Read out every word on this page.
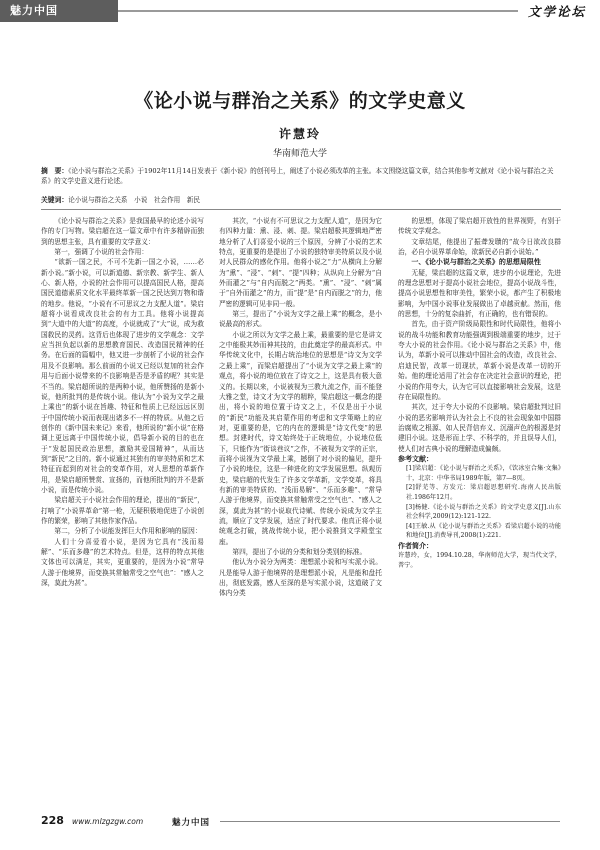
魅力中国	文学论坛
《论小说与群治之关系》的文学史意义
许慧玲
华南师范大学
摘　要：《论小说与群治之关系》于1902年11月14日发表于《新小说》的创刊号上，阐述了小说必须改革的主张。本文围绕这篇文章，结合其他参考文献对《论小说与群治之关系》的文学史意义进行论述。
关键词：论小说与群治之关系　小说　社会作用　新民

《论小说与群治之关系》是我国最早的论述小说写作的专门写物。梁启超在这一篇文章中有许多精辟而独到的思想主张，具有重要的文学意义：

第一，强调了小说的社会作用：

“欲新一国之民，不可不先新一国之小说，……必新小说。”新小说，可以新道德、新宗教、新学生、新人心、新人格，小说的社会作用可以提高国民人格，提高国民道德素质文化水平最终革新一国之民达到万物和谐的地步。他说，“小说有不可思议之力支配人道”。梁启超将小说看成改良社会的有力工具。他将小说提高到“大道中的大道”的高度，小说就成了“大”说，成为救国救民的灵药。这背后也体现了进步的文学观念：文学应当担负起以新的思想教育国民、改造国民精神的任务。在后面的篇幅中，他又进一步剖析了小说的社会作用及不良影响。那么前面的小说又已经以复加的社会作用与后面小说带来的不良影响是否是矛盾的呢？其实是不当的。梁启超所说的是两种小说，他所赞扬的是新小说，他所批判的是传统小说。他认为“小说为文学之最上乘也”的新小说在旨趣、特征和性质上已经远远区别于中国传统小说而表现出诸多不一样的特质。从他之后创作的《新中国未来记》来看，他所说的“新小说”在格调上更远离于中国传统小说，倡导新小说的目的也在于“发起国民政治思想，激励其爱国精神”，从而达到“新民”之目的。新小说通过其独有的审美特质和艺术特征而起到的对社会的变革作用，对人思想的革新作用，是梁启超所赞赏、宣扬的，而他所批判的并不是新小说，而是传统小说。

梁启超关于小说社会作用的理论，提出的“新民”，打响了“小说界革命”第一枪，无疑积极地促进了小说创作的繁荣，影响了其他作家作品。

第二，分析了小说能发挥巨大作用和影响的原因：

人们十分喜爱看小说，是因为它具有“浅而易解”、“乐而多趣”的艺术特点。但是，这样的特点其他文体也可以满足，其实，更重要的，是因为小说“常导人游于他境界，而变换其常触常受之空气也”：“感人之深，莫此为甚”。

其次，“小说有不可思议之力支配人道”，是因为它有四种力量：熏、浸、刺、提。梁启超极其逻辑地严密地分析了人们喜爱小说的三个原因，分辨了小说的艺术特点，更重要的是提出了小说的独特审美特质以及小说对人民群众的感化作用。他将小说之“力”从横向上分解为“熏”、“浸”、“刺”、“提”四种；从纵向上分解为“自外而灌之”与“自内而脱之”两类。“熏”、“浸”、“刺”属于“自外而灌之”的力，而“提”是“自内而脱之”的力，他严密的逻辑可见非同一般。

第三，提出了“小说为文学之最上乘”的概念，是小说最高的形式。

小说之所以为文学之最上乘，最重要的是它是讲文之中能极其妙而神其技的，由此奠定学的最高形式。中华传统文化中，长期占统治地位的思想是“诗文为文学之最上乘”，而梁启超提出了“小说为文学之最上乘”的观点，将小说的地位放在了诗文之上，这是具有极大意义的。长期以来，小说被视为三教九流之作，而不能登大雅之堂，诗文才为文学的精粹，梁启超这一概念的提出，将小说的地位置于诗文之上，不仅是出于小说的“新民”功能及其启蒙作用的考虑和文学策略上的应对，更重要的是，它的内在的逻辑是“诗文代变”的思想。封建时代，诗文始终处于正统地位，小说地位低下，只能作为“街谈巷议”之作，不被视为文学的正宗，而将小说视为文学最上乘，撼倒了对小说的偏见，提升了小说的地位，这是一种进化的文学发展思想。纵观历史，梁启超的代发生了许多文学革新，文学变革，将具有新的审美特质的、“浅而易解”、“乐而多趣”、“常导人游于他境界，而变换其常触常受之空气也”、“感人之深，莫此为甚”的小说取代诗赋、传统小说成为文学主流，顺应了文学发展，适应了时代要求。他真正将小说统观念打破，挑战传统小说，把小说推到文学殿堂宝座。

第四，提出了小说的分类和划分类别的标准。

他认为小说分为两类：理想派小说和写实派小说。凡是能导人游于他境界的是理想派小说，凡是能和盘托出，彻底发露，感人至深的是写实派小说，这道破了文体内分类

的思想，体现了梁启超开放性的世界视野，有别于传统文学观念。

文章结尾，他提出了振聋发聩的“故今日欲改良群治，必自小说界革命始，欲新民必自新小说始。”

一、《论小说与群治之关系》的思想局限性

无疑，梁启超的这篇文章，进步的小说理论，先进的理念思想对于提高小说社会地位，提高小说战斗性，提高小说思想性和审美性，繁荣小说，都产生了积极地影响，为中国小说事业发展做出了卓越贡献。然而，他的思想，十分的复杂曲折，有正确的，也有错误的。

首先，由于资产阶级局限性和时代局限性，他将小说的战斗功能和教育功能强调到极端重要的地步，过于夸大小说的社会作用。《论小说与群治之关系》中，他认为，革新小说可以推动中国社会的改造，改良社会、启迪民智，改革一切现状，革新小说是改革一切的开始。他的理论适用了社会存在决定社会意识的理论，把小说的作用夸大，认为它可以直接影响社会发展，这是存在局限性的。

其次，过于夸大小说的不良影响。梁启超批判过旧小说的恶劣影响并认为社会上不良的社会现象如中国群治腐败之根源、如人民背信弃义、沉溺声色的根源是封建旧小说。这是形而上学、不科学的，并且误导人们，使人们对古典小说的理解造成偏颇。

参考文献：

[1]梁启超：《论小说与群治之关系》，《饮冰室合集·文集》十，北京：中华书局1989年版，第7—8页。

[2]舒芜等、方发元：梁启超思想研究.海南人民出版社.1986年12月。

[3]杨健.《论小说与群治之关系》的文学史意义[J].山东社会科学,2009(12):121-122.

[4]王敏.从《论小说与群治之关系》看梁启超小说的功能和地位[J].消费导刊,2008(1):221.

作者简介：

许慧玲，女，1994.10.28，华南师范大学，现当代文学，普宁。

228 www.mlzgzgw.com	魅力中国
